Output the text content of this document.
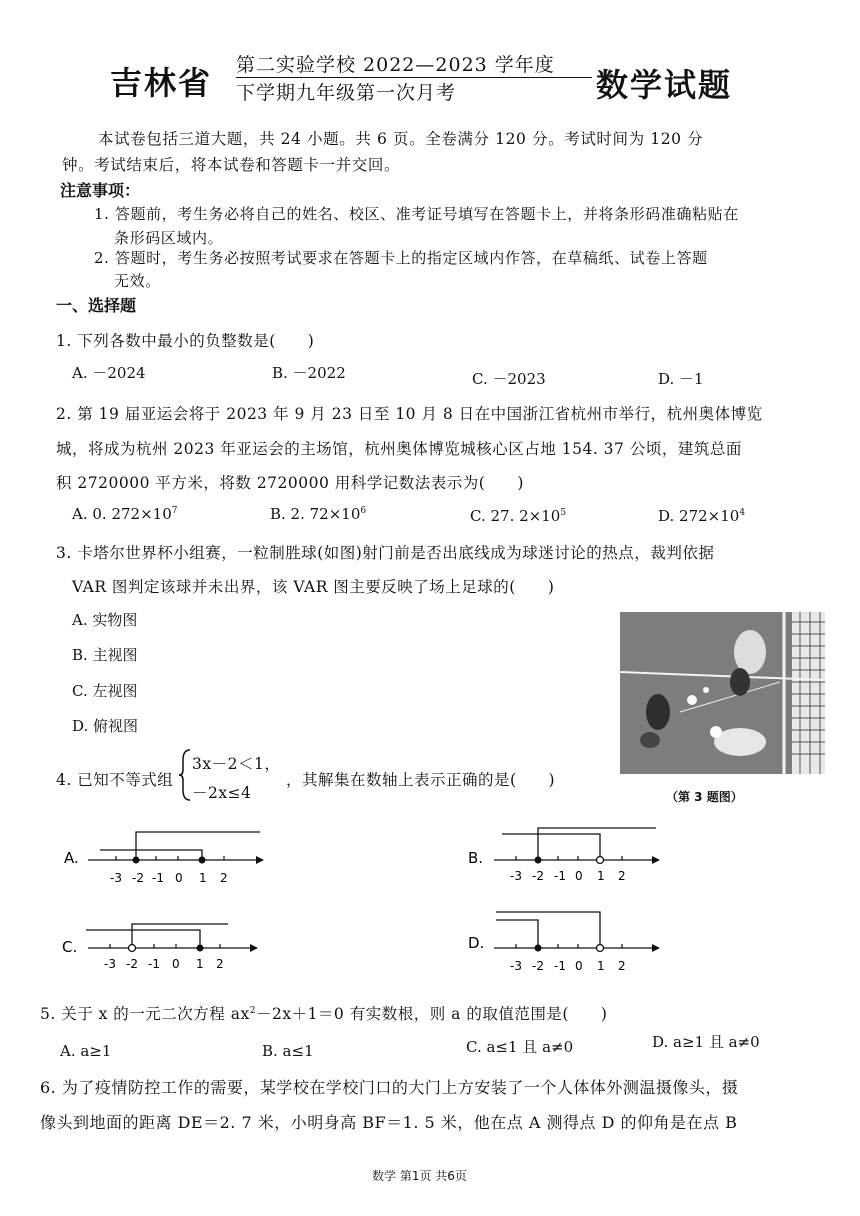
吉林省 第二实验学校 2022—2023 学年度
下学期九年级第一次月考	数学试题
本试卷包括三道大题，共 24 小题。共 6 页。全卷满分 120 分。考试时间为 120 分
钟。考试结束后，将本试卷和答题卡一并交回。
注意事项：
1. 答题前，考生务必将自己的姓名、校区、准考证号填写在答题卡上，并将条形码准确粘贴在
条形码区域内。
2. 答题时，考生务必按照考试要求在答题卡上的指定区域内作答，在草稿纸、试卷上答题
无效。
一、选择题
1. 下列各数中最小的负整数是(　　)
A. －2024	B. －2022	C. －2023	D. －1
2. 第 19 届亚运会将于 2023 年 9 月 23 日至 10 月 8 日在中国浙江省杭州市举行，杭州奥体博览
城，将成为杭州 2023 年亚运会的主场馆，杭州奥体博览城核心区占地 154. 37 公顷，建筑总面
积 2720000 平方米，将数 2720000 用科学记数法表示为(　　)
A. 0. $272\times 10^7$	B. 2. $72\times 10^6$	C. 27. $2\times 10^5$	D. $272\times 10^4$
3. 卡塔尔世界杯小组赛，一粒制胜球(如图)射门前是否出底线成为球迷讨论的热点，裁判依据
VAR 图判定该球并未出界，该 VAR 图主要反映了场上足球的(　　)
A. 实物图
B. 主视图
C. 左视图
D. 俯视图
（第 3 题图）
4. 已知不等式组
3x－2＜1，
－2x≤4
，其解集在数轴上表示正确的是(　　)
A.
-3 -2 -1 0 1 2
B.
-3 -2 -1 0 1 2
C.
-3 -2 -1 0 1 2
D.
-3 -2 -1 0 1 2
5. 关于 x 的一元二次方程 $ax^2-2x+1=0$ 有实数根，则 a 的取值范围是(　　)
A. a≥1	B. a≤1	C. a≤1 且 a≠0	D. a≥1 且 a≠0
6. 为了疫情防控工作的需要，某学校在学校门口的大门上方安装了一个人体体外测温摄像头，摄
像头到地面的距离 DE＝2. 7 米，小明身高 BF＝1. 5 米，他在点 A 测得点 D 的仰角是在点 B
数学 第1页 共6页
